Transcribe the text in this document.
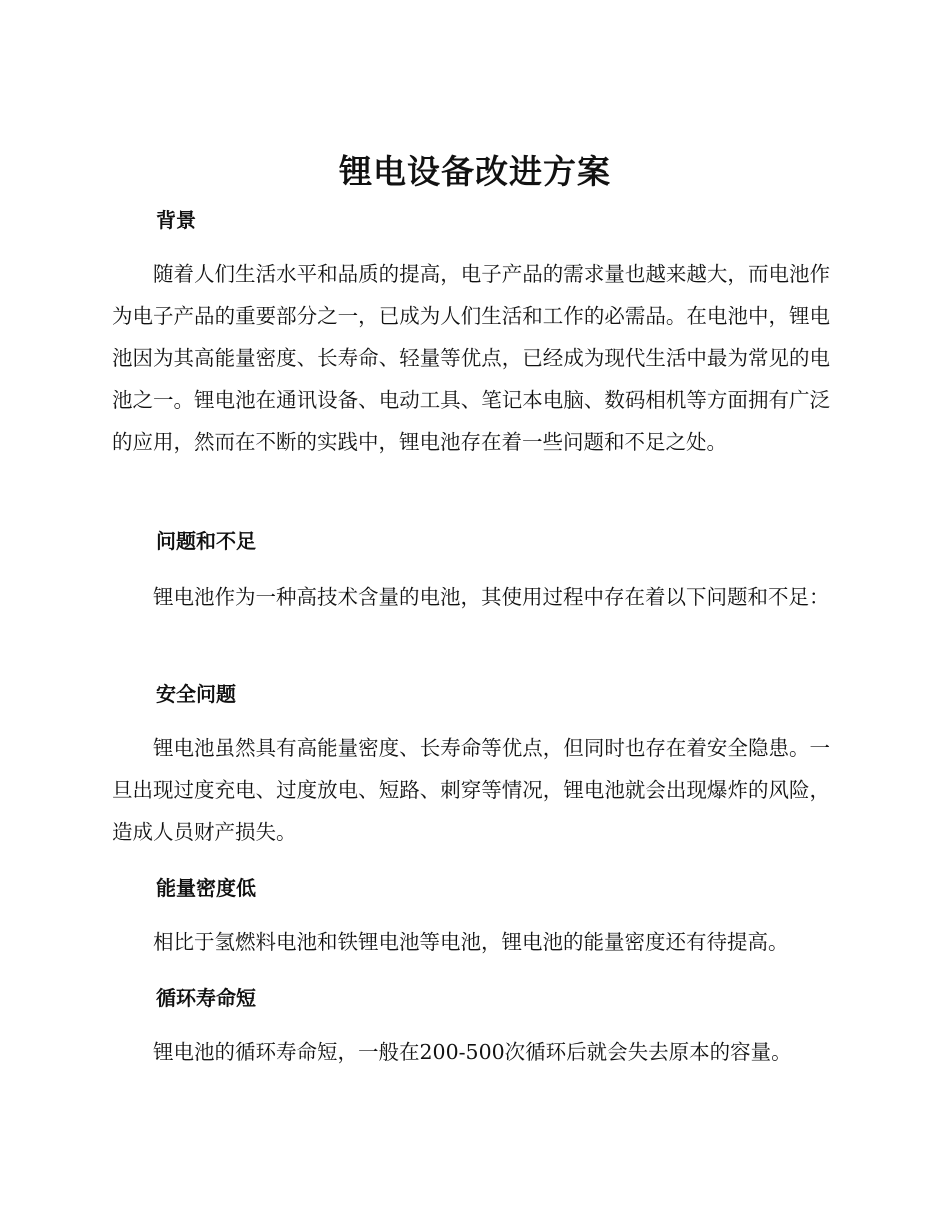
锂电设备改进方案
背景

随着人们生活水平和品质的提高，电子产品的需求量也越来越大，而电池作为电子产品的重要部分之一，已成为人们生活和工作的必需品。在电池中，锂电池因为其高能量密度、长寿命、轻量等优点，已经成为现代生活中最为常见的电池之一。锂电池在通讯设备、电动工具、笔记本电脑、数码相机等方面拥有广泛的应用，然而在不断的实践中，锂电池存在着一些问题和不足之处。

问题和不足

锂电池作为一种高技术含量的电池，其使用过程中存在着以下问题和不足：

安全问题

锂电池虽然具有高能量密度、长寿命等优点，但同时也存在着安全隐患。一旦出现过度充电、过度放电、短路、刺穿等情况，锂电池就会出现爆炸的风险，造成人员财产损失。

能量密度低

相比于氢燃料电池和铁锂电池等电池，锂电池的能量密度还有待提高。

循环寿命短

锂电池的循环寿命短，一般在200-500次循环后就会失去原本的容量。
